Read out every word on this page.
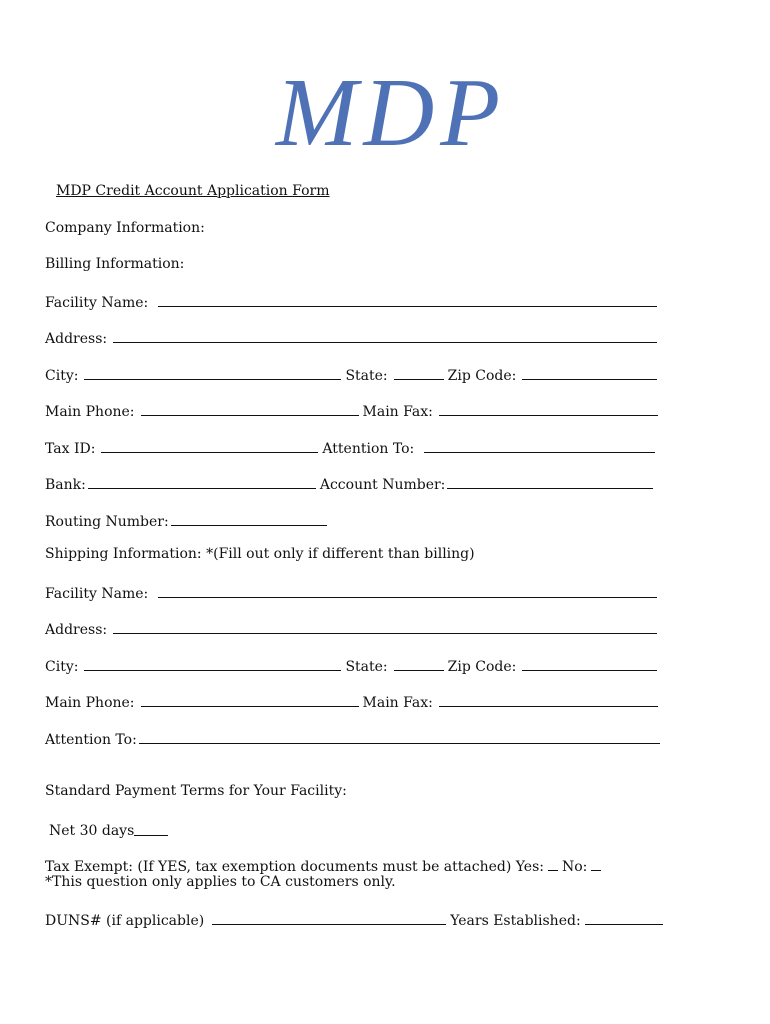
MDP
MDP Credit Account Application Form
Company Information:
Billing Information:
Facility Name:
Address:
City:	State:	Zip Code:
Main Phone:	Main Fax:
Tax ID:	Attention To:
Bank:	Account Number:
Routing Number:
Shipping Information: *(Fill out only if different than billing)
Facility Name:
Address:
City:	State:	Zip Code:
Main Phone:	Main Fax:
Attention To:
Standard Payment Terms for Your Facility:
Net 30 days
Tax Exempt: (If YES, tax exemption documents must be attached) Yes: No:
*This question only applies to CA customers only.
DUNS# (if applicable)	Years Established:
